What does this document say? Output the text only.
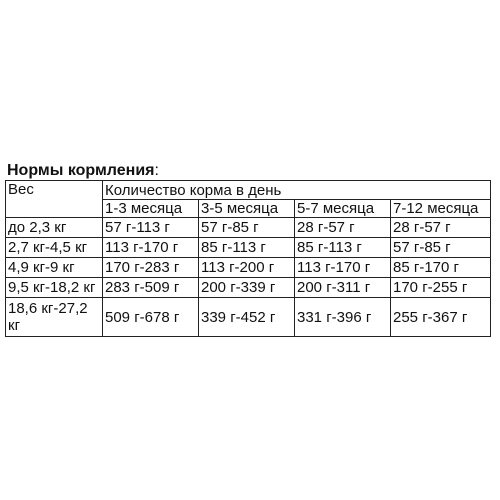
Нормы кормления:
Вес	Количество корма в день			
	1-3 месяца	3-5 месяца	5-7 месяца	7-12 месяца
до 2,3 кг	57 г-113 г	57 г-85 г	28 г-57 г	28 г-57 г
2,7 кг-4,5 кг	113 г-170 г	85 г-113 г	85 г-113 г	57 г-85 г
4,9 кг-9 кг	170 г-283 г	113 г-200 г	113 г-170 г	85 г-170 г
9,5 кг-18,2 кг	283 г-509 г	200 г-339 г	200 г-311 г	170 г-255 г
18,6 кг-27,2 кг	509 г-678 г	339 г-452 г	331 г-396 г	255 г-367 г
